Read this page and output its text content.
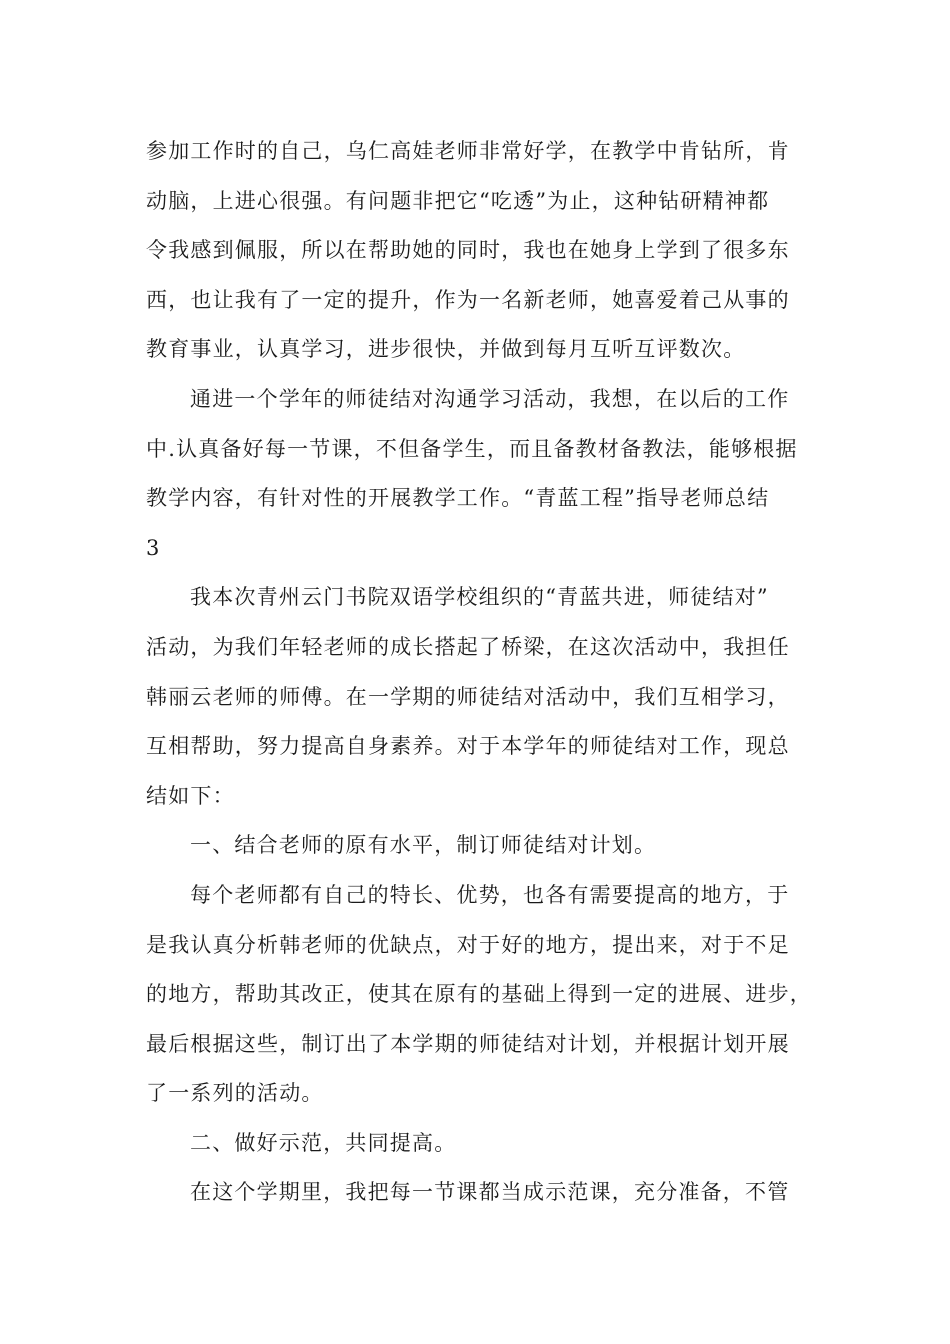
参加工作时的自己，乌仁高娃老师非常好学，在教学中肯钻所，肯
动脑，上进心很强。有问题非把它“吃透”为止，这种钻研精神都
令我感到佩服，所以在帮助她的同时，我也在她身上学到了很多东
西，也让我有了一定的提升，作为一名新老师，她喜爱着己从事的
教育事业，认真学习，进步很快，并做到每月互听互评数次。
通进一个学年的师徒结对沟通学习活动，我想，在以后的工作
中.认真备好每一节课，不但备学生，而且备教材备教法，能够根据
教学内容，有针对性的开展教学工作。“青蓝工程”指导老师总结
3
我本次青州云门书院双语学校组织的“青蓝共进，师徒结对”
活动，为我们年轻老师的成长搭起了桥梁，在这次活动中，我担任
韩丽云老师的师傅。在一学期的师徒结对活动中，我们互相学习，
互相帮助，努力提高自身素养。对于本学年的师徒结对工作，现总
结如下：
一、结合老师的原有水平，制订师徒结对计划。
每个老师都有自己的特长、优势，也各有需要提高的地方，于
是我认真分析韩老师的优缺点，对于好的地方，提出来，对于不足
的地方，帮助其改正，使其在原有的基础上得到一定的进展、进步，
最后根据这些，制订出了本学期的师徒结对计划，并根据计划开展
了一系列的活动。
二、做好示范，共同提高。
在这个学期里，我把每一节课都当成示范课，充分准备，不管
